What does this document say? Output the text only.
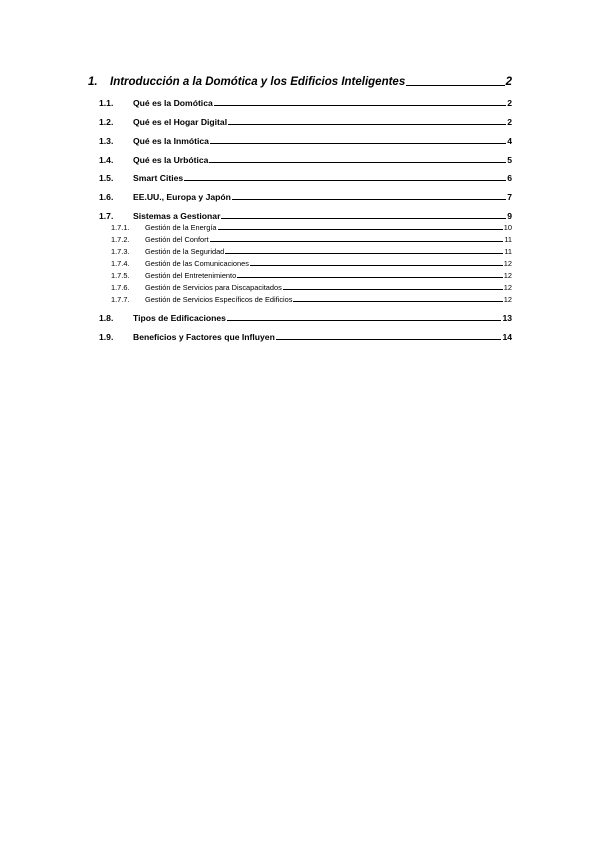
1.	Introducción a la Domótica y los Edificios Inteligentes	2
1.1.	Qué es la Domótica	2
1.2.	Qué es el Hogar Digital	2
1.3.	Qué es la Inmótica	4
1.4.	Qué es la Urbótica	5
1.5.	Smart Cities	6
1.6.	EE.UU., Europa y Japón	7
1.7.	Sistemas a Gestionar	9
1.7.1.	Gestión de la Energía	10
1.7.2.	Gestión del Confort	11
1.7.3.	Gestión de la Seguridad	11
1.7.4.	Gestión de las Comunicaciones	12
1.7.5.	Gestión del Entretenimiento	12
1.7.6.	Gestión de Servicios para Discapacitados	12
1.7.7.	Gestión de Servicios Específicos de Edificios	12
1.8.	Tipos de Edificaciones	13
1.9.	Beneficios y Factores que Influyen	14
